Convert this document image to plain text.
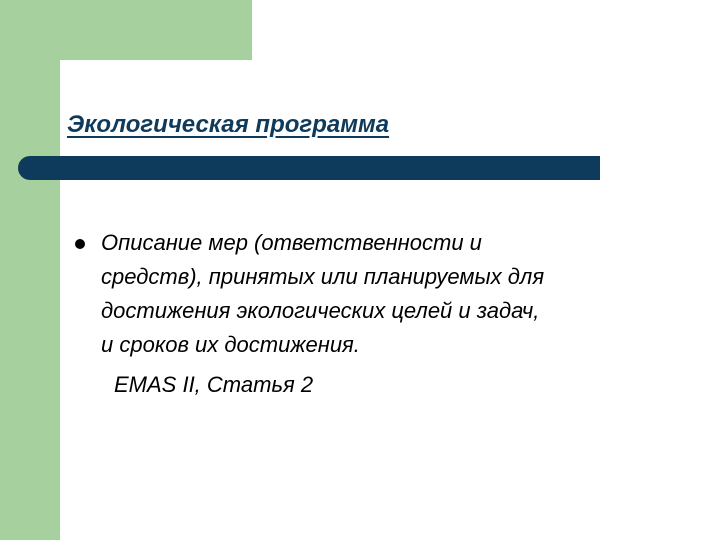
Экологическая программа

Описание мер (ответственности и
средств), принятых или планируемых для
достижения экологических целей и задач,
и сроков их достижения.

EMAS II, Статья 2
